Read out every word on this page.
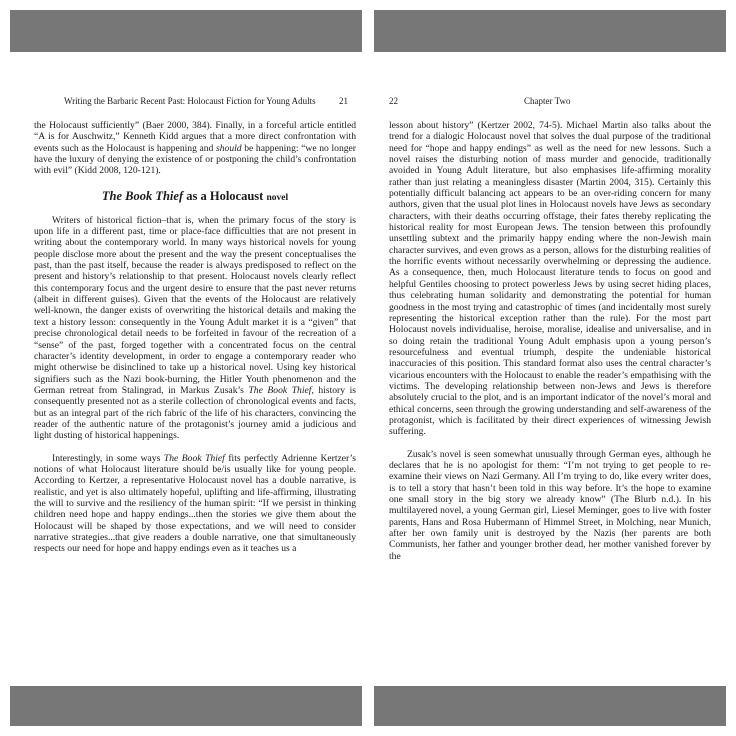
Writing the Barbaric Recent Past: Holocaust Fiction for Young Adults	21

the Holocaust sufficiently” (Baer 2000, 384). Finally, in a forceful article entitled “A is for Auschwitz,” Kenneth Kidd argues that a more direct confrontation with events such as the Holocaust is happening and should be happening: “we no longer have the luxury of denying the existence of or postponing the child’s confrontation with evil” (Kidd 2008, 120-121).

The Book Thief as a Holocaust novel

Writers of historical fiction–that is, when the primary focus of the story is upon life in a different past, time or place-face difficulties that are not present in writing about the contemporary world. In many ways historical novels for young people disclose more about the present and the way the present conceptualises the past, than the past itself, because the reader is always predisposed to reflect on the present and history’s relationship to that present. Holocaust novels clearly reflect this contemporary focus and the urgent desire to ensure that the past never returns (albeit in different guises). Given that the events of the Holocaust are relatively well-known, the danger exists of overwriting the historical details and making the text a history lesson: consequently in the Young Adult market it is a “given” that precise chronological detail needs to be forfeited in favour of the recreation of a “sense” of the past, forged together with a concentrated focus on the central character’s identity development, in order to engage a contemporary reader who might otherwise be disinclined to take up a historical novel. Using key historical signifiers such as the Nazi book-burning, the Hitler Youth phenomenon and the German retreat from Stalingrad, in Markus Zusak’s The Book Thief, history is consequently presented not as a sterile collection of chronological events and facts, but as an integral part of the rich fabric of the life of his characters, convincing the reader of the authentic nature of the protagonist’s journey amid a judicious and light dusting of historical happenings.

Interestingly, in some ways The Book Thief fits perfectly Adrienne Kertzer’s notions of what Holocaust literature should be/is usually like for young people. According to Kertzer, a representative Holocaust novel has a double narrative, is realistic, and yet is also ultimately hopeful, uplifting and life-affirming, illustrating the will to survive and the resiliency of the human spirit: “If we persist in thinking children need hope and happy endings...then the stories we give them about the Holocaust will be shaped by those expectations, and we will need to consider narrative strategies...that give readers a double narrative, one that simultaneously respects our need for hope and happy endings even as it teaches us a

22	Chapter Two

lesson about history” (Kertzer 2002, 74-5). Michael Martin also talks about the trend for a dialogic Holocaust novel that solves the dual purpose of the traditional need for “hope and happy endings” as well as the need for new lessons. Such a novel raises the disturbing notion of mass murder and genocide, traditionally avoided in Young Adult literature, but also emphasises life-affirming morality rather than just relating a meaningless disaster (Martin 2004, 315). Certainly this potentially difficult balancing act appears to be an over-riding concern for many authors, given that the usual plot lines in Holocaust novels have Jews as secondary characters, with their deaths occurring offstage, their fates thereby replicating the historical reality for most European Jews. The tension between this profoundly unsettling subtext and the primarily happy ending where the non-Jewish main character survives, and even grows as a person, allows for the disturbing realities of the horrific events without necessarily overwhelming or depressing the audience. As a consequence, then, much Holocaust literature tends to focus on good and helpful Gentiles choosing to protect powerless Jews by using secret hiding places, thus celebrating human solidarity and demonstrating the potential for human goodness in the most trying and catastrophic of times (and incidentally most surely representing the historical exception rather than the rule). For the most part Holocaust novels individualise, heroise, moralise, idealise and universalise, and in so doing retain the traditional Young Adult emphasis upon a young person’s resourcefulness and eventual triumph, despite the undeniable historical inaccuracies of this position. This standard format also uses the central character’s vicarious encounters with the Holocaust to enable the reader’s empathising with the victims. The developing relationship between non-Jews and Jews is therefore absolutely crucial to the plot, and is an important indicator of the novel’s moral and ethical concerns, seen through the growing understanding and self-awareness of the protagonist, which is facilitated by their direct experiences of witnessing Jewish suffering.

Zusak’s novel is seen somewhat unusually through German eyes, although he declares that he is no apologist for them: “I’m not trying to get people to re-examine their views on Nazi Germany. All I’m trying to do, like every writer does, is to tell a story that hasn’t been told in this way before. It’s the hope to examine one small story in the big story we already know” (The Blurb n.d.). In his multilayered novel, a young German girl, Liesel Meminger, goes to live with foster parents, Hans and Rosa Hubermann of Himmel Street, in Molching, near Munich, after her own family unit is destroyed by the Nazis (her parents are both Communists, her father and younger brother dead, her mother vanished forever by the
